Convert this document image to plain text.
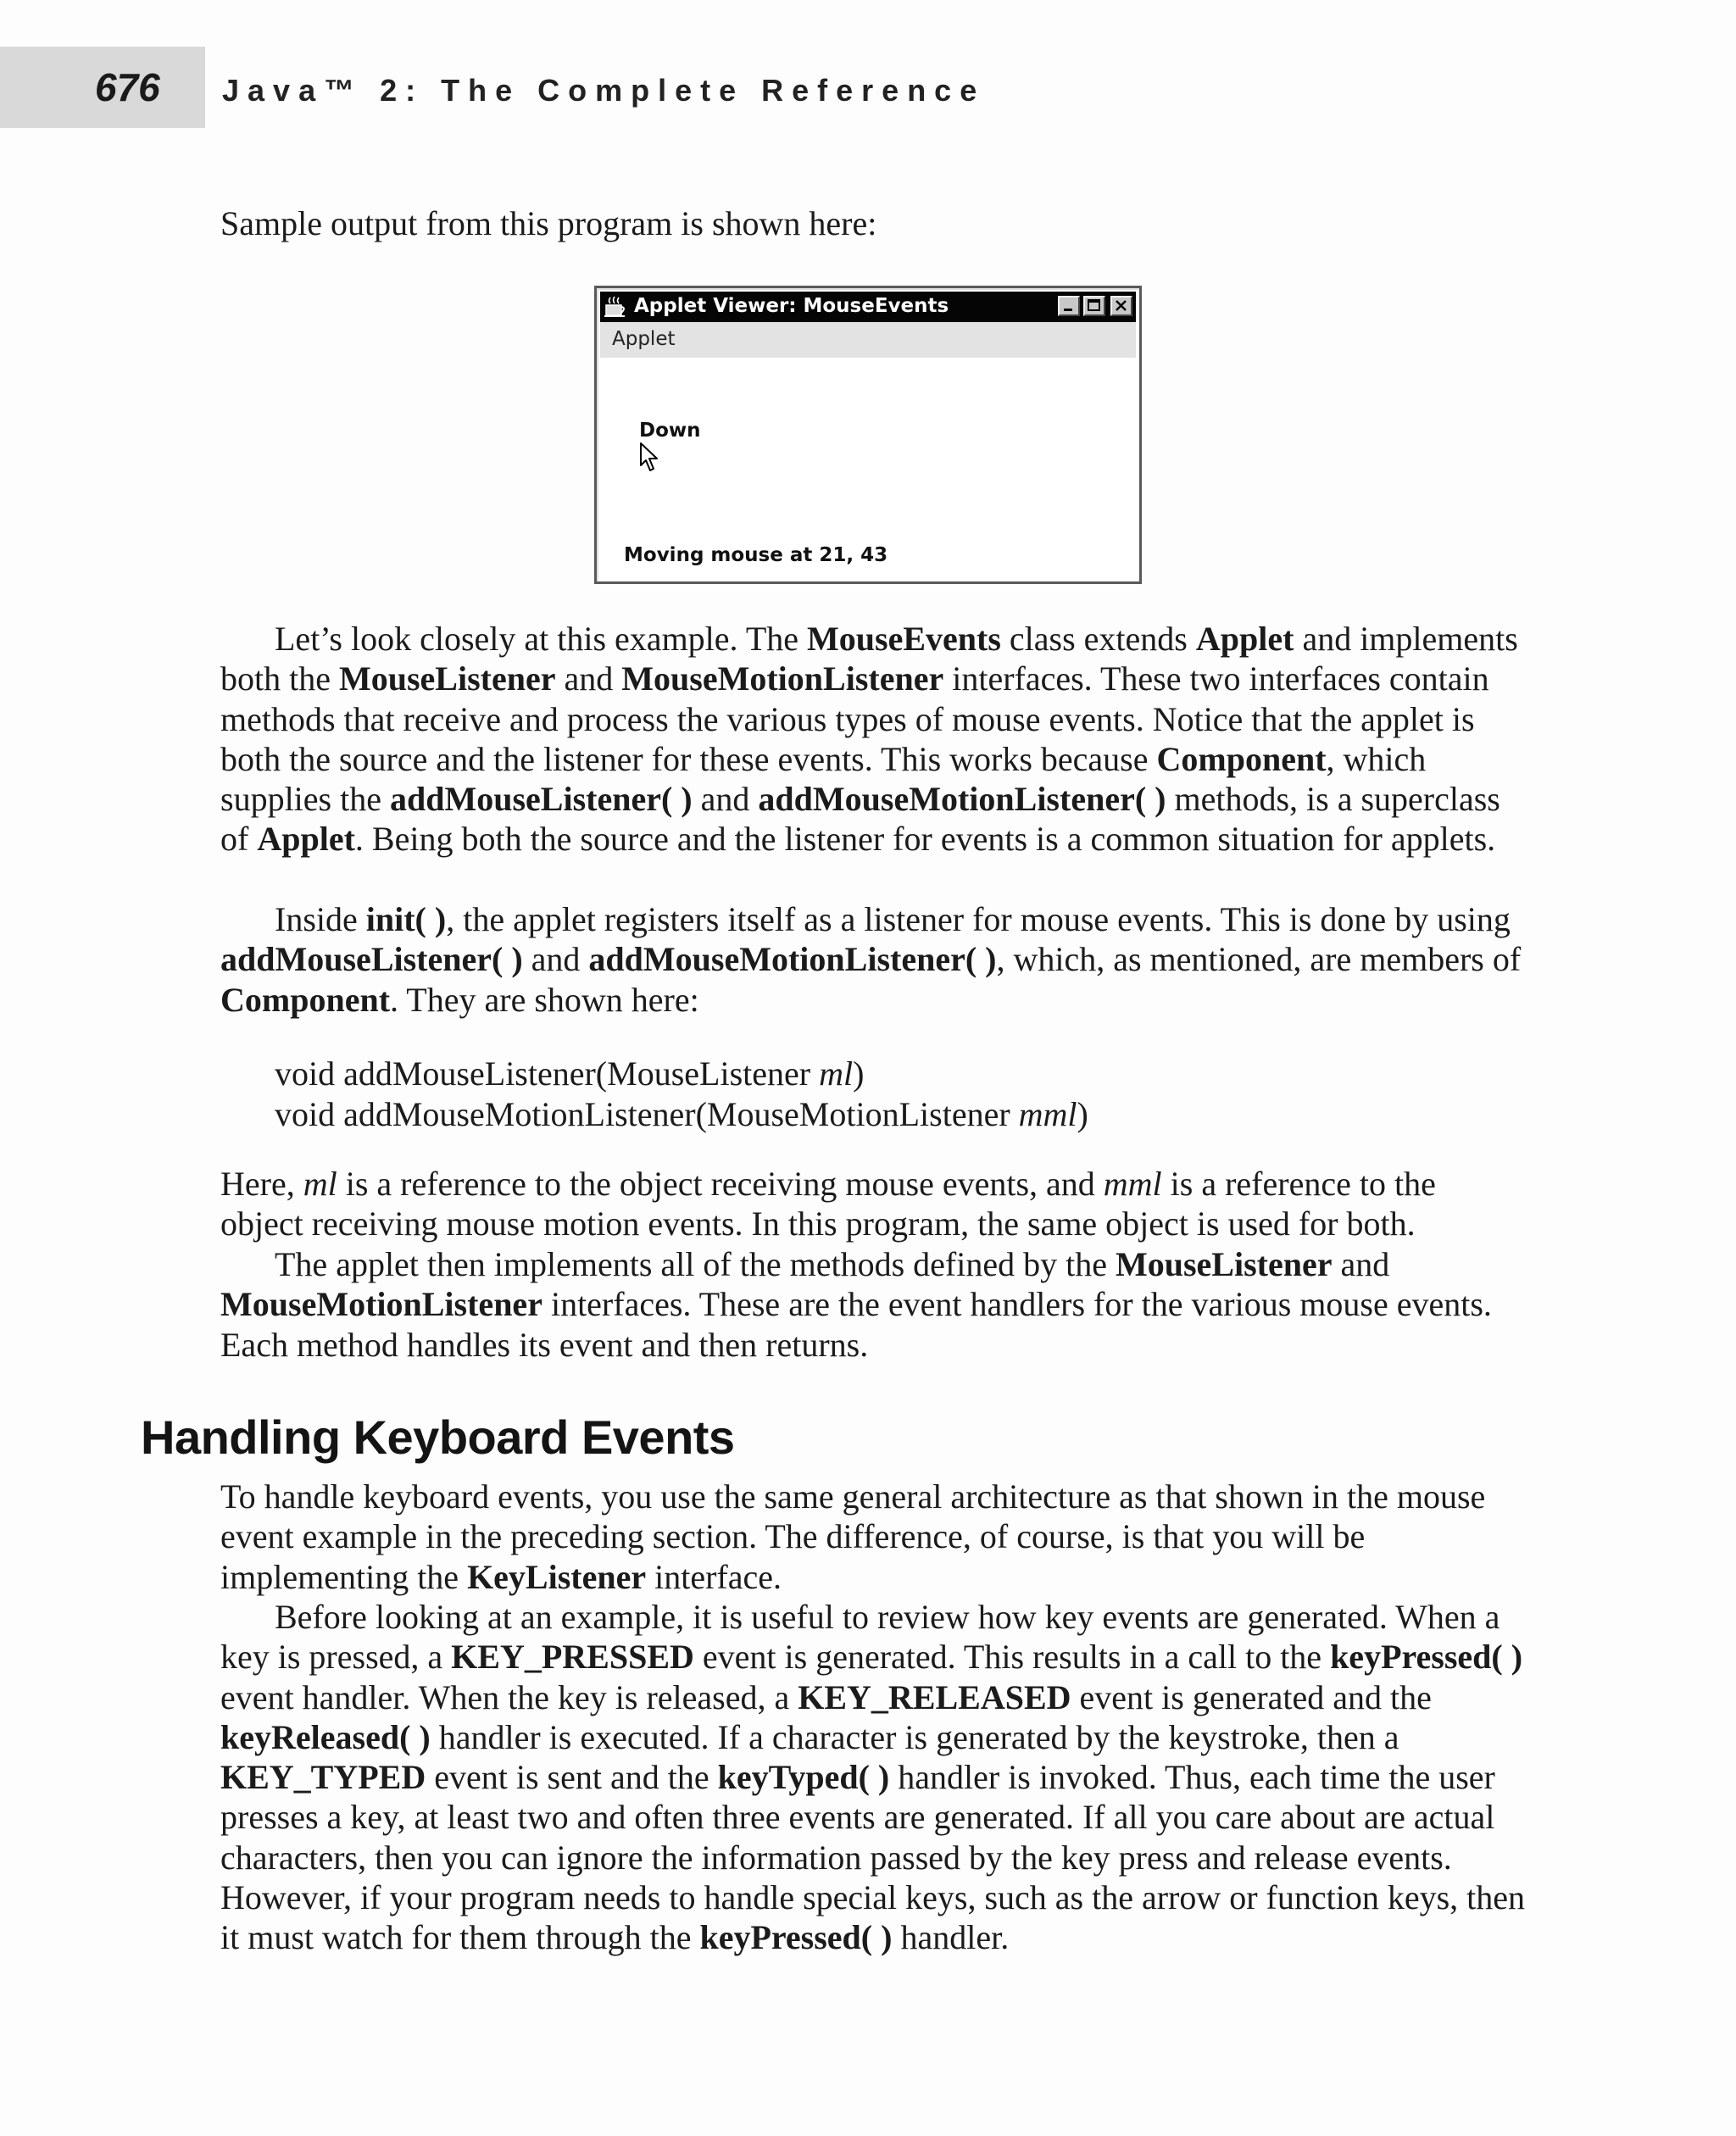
676 Java™ 2: The Complete Reference

Sample output from this program is shown here:

Applet Viewer: MouseEvents
Applet
Down
Moving mouse at 21, 43

Let’s look closely at this example. The MouseEvents class extends Applet and implements both the MouseListener and MouseMotionListener interfaces. These two interfaces contain methods that receive and process the various types of mouse events. Notice that the applet is both the source and the listener for these events. This works because Component, which supplies the addMouseListener( ) and addMouseMotionListener( ) methods, is a superclass of Applet. Being both the source and the listener for events is a common situation for applets.

Inside init( ), the applet registers itself as a listener for mouse events. This is done by using addMouseListener( ) and addMouseMotionListener( ), which, as mentioned, are members of Component. They are shown here:

void addMouseListener(MouseListener ml)
void addMouseMotionListener(MouseMotionListener mml)

Here, ml is a reference to the object receiving mouse events, and mml is a reference to the object receiving mouse motion events. In this program, the same object is used for both.

The applet then implements all of the methods defined by the MouseListener and MouseMotionListener interfaces. These are the event handlers for the various mouse events. Each method handles its event and then returns.

Handling Keyboard Events

To handle keyboard events, you use the same general architecture as that shown in the mouse event example in the preceding section. The difference, of course, is that you will be implementing the KeyListener interface.

Before looking at an example, it is useful to review how key events are generated. When a key is pressed, a KEY_PRESSED event is generated. This results in a call to the keyPressed( ) event handler. When the key is released, a KEY_RELEASED event is generated and the keyReleased( ) handler is executed. If a character is generated by the keystroke, then a KEY_TYPED event is sent and the keyTyped( ) handler is invoked. Thus, each time the user presses a key, at least two and often three events are generated. If all you care about are actual characters, then you can ignore the information passed by the key press and release events. However, if your program needs to handle special keys, such as the arrow or function keys, then it must watch for them through the keyPressed( ) handler.
